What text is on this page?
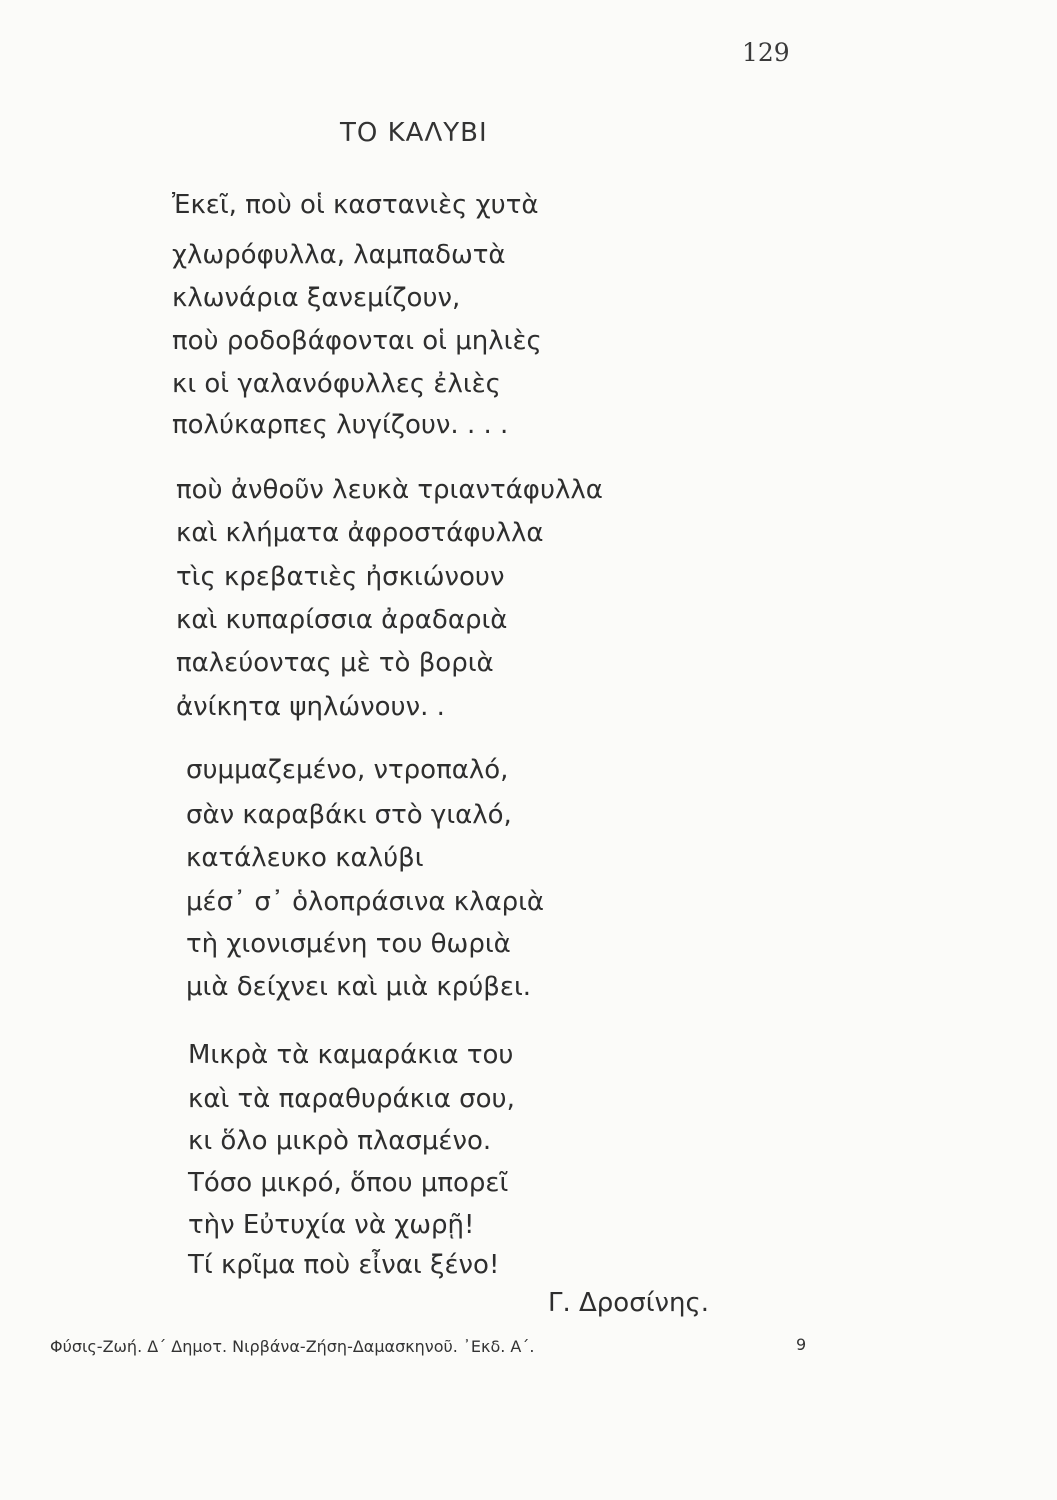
129
ΤΟ ΚΑΛΥΒΙ
Ἐκεῖ, ποὺ οἱ καστανιὲς χυτὰ
χλωρόφυλλα, λαμπαδωτὰ
κλωνάρια ξανεμίζουν,
ποὺ ροδοβάφονται οἱ μηλιὲς
κι οἱ γαλανόφυλλες ἐλιὲς
πολύκαρπες λυγίζουν. . . .
ποὺ ἀνθοῦν λευκὰ τριαντάφυλλα
καὶ κλήματα ἀφροστάφυλλα
τὶς κρεβατιὲς ἠσκιώνουν
καὶ κυπαρίσσια ἀραδαριὰ
παλεύοντας μὲ τὸ βοριὰ
ἀνίκητα ψηλώνουν. .
συμμαζεμένο, ντροπαλό,
σὰν καραβάκι στὸ γιαλό,
κατάλευκο καλύβι
μέσ᾽ σ᾽ ὁλοπράσινα κλαριὰ
τὴ χιονισμένη του θωριὰ
μιὰ δείχνει καὶ μιὰ κρύβει.
Μικρὰ τὰ καμαράκια του
καὶ τὰ παραθυράκια σου,
κι ὅλο μικρὸ πλασμένο.
Τόσο μικρό, ὅπου μπορεῖ
τὴν Εὐτυχία νὰ χωρῇ!
Τί κρῖμα ποὺ εἶναι ξένο!
Γ. Δροσίνης.
Φύσις-Ζωή. Δ΄ Δημοτ. Νιρβάνα-Ζήση-Δαμασκηνοῦ. ᾽Εκδ. Α΄.	9
